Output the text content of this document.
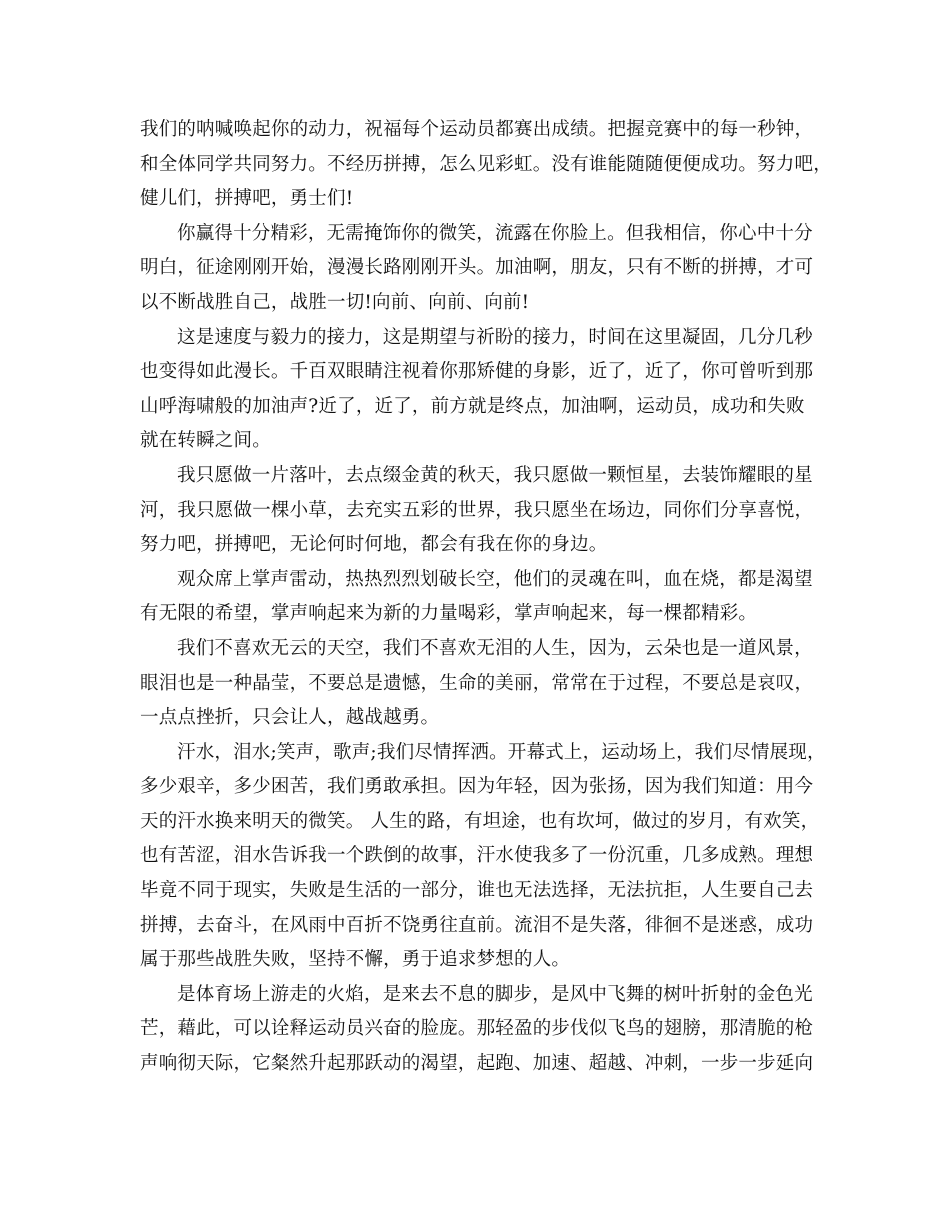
我们的呐喊唤起你的动力，祝福每个运动员都赛出成绩。把握竞赛中的每一秒钟，
和全体同学共同努力。不经历拼搏，怎么见彩虹。没有谁能随随便便成功。努力吧，
健儿们，拼搏吧，勇士们!
你赢得十分精彩，无需掩饰你的微笑，流露在你脸上。但我相信，你心中十分
明白，征途刚刚开始，漫漫长路刚刚开头。加油啊，朋友，只有不断的拼搏，才可
以不断战胜自己，战胜一切!向前、向前、向前!
这是速度与毅力的接力，这是期望与祈盼的接力，时间在这里凝固，几分几秒
也变得如此漫长。千百双眼睛注视着你那矫健的身影，近了，近了，你可曾听到那
山呼海啸般的加油声?近了，近了，前方就是终点，加油啊，运动员，成功和失败
就在转瞬之间。
我只愿做一片落叶，去点缀金黄的秋天，我只愿做一颗恒星，去装饰耀眼的星
河，我只愿做一棵小草，去充实五彩的世界，我只愿坐在场边，同你们分享喜悦，
努力吧，拼搏吧，无论何时何地，都会有我在你的身边。
观众席上掌声雷动，热热烈烈划破长空，他们的灵魂在叫，血在烧，都是渴望
有无限的希望，掌声响起来为新的力量喝彩，掌声响起来，每一棵都精彩。
我们不喜欢无云的天空，我们不喜欢无泪的人生，因为，云朵也是一道风景，
眼泪也是一种晶莹，不要总是遗憾，生命的美丽，常常在于过程，不要总是哀叹，
一点点挫折，只会让人，越战越勇。
汗水，泪水;笑声，歌声;我们尽情挥洒。开幕式上，运动场上，我们尽情展现，
多少艰辛，多少困苦，我们勇敢承担。因为年轻，因为张扬，因为我们知道：用今
天的汗水换来明天的微笑。 人生的路，有坦途，也有坎坷，做过的岁月，有欢笑，
也有苦涩，泪水告诉我一个跌倒的故事，汗水使我多了一份沉重，几多成熟。理想
毕竟不同于现实，失败是生活的一部分，谁也无法选择，无法抗拒，人生要自己去
拼搏，去奋斗，在风雨中百折不饶勇往直前。流泪不是失落，徘徊不是迷惑，成功
属于那些战胜失败，坚持不懈，勇于追求梦想的人。
是体育场上游走的火焰，是来去不息的脚步，是风中飞舞的树叶折射的金色光
芒，藉此，可以诠释运动员兴奋的脸庞。那轻盈的步伐似飞鸟的翅膀，那清脆的枪
声响彻天际，它粲然升起那跃动的渴望，起跑、加速、超越、冲刺，一步一步延向
